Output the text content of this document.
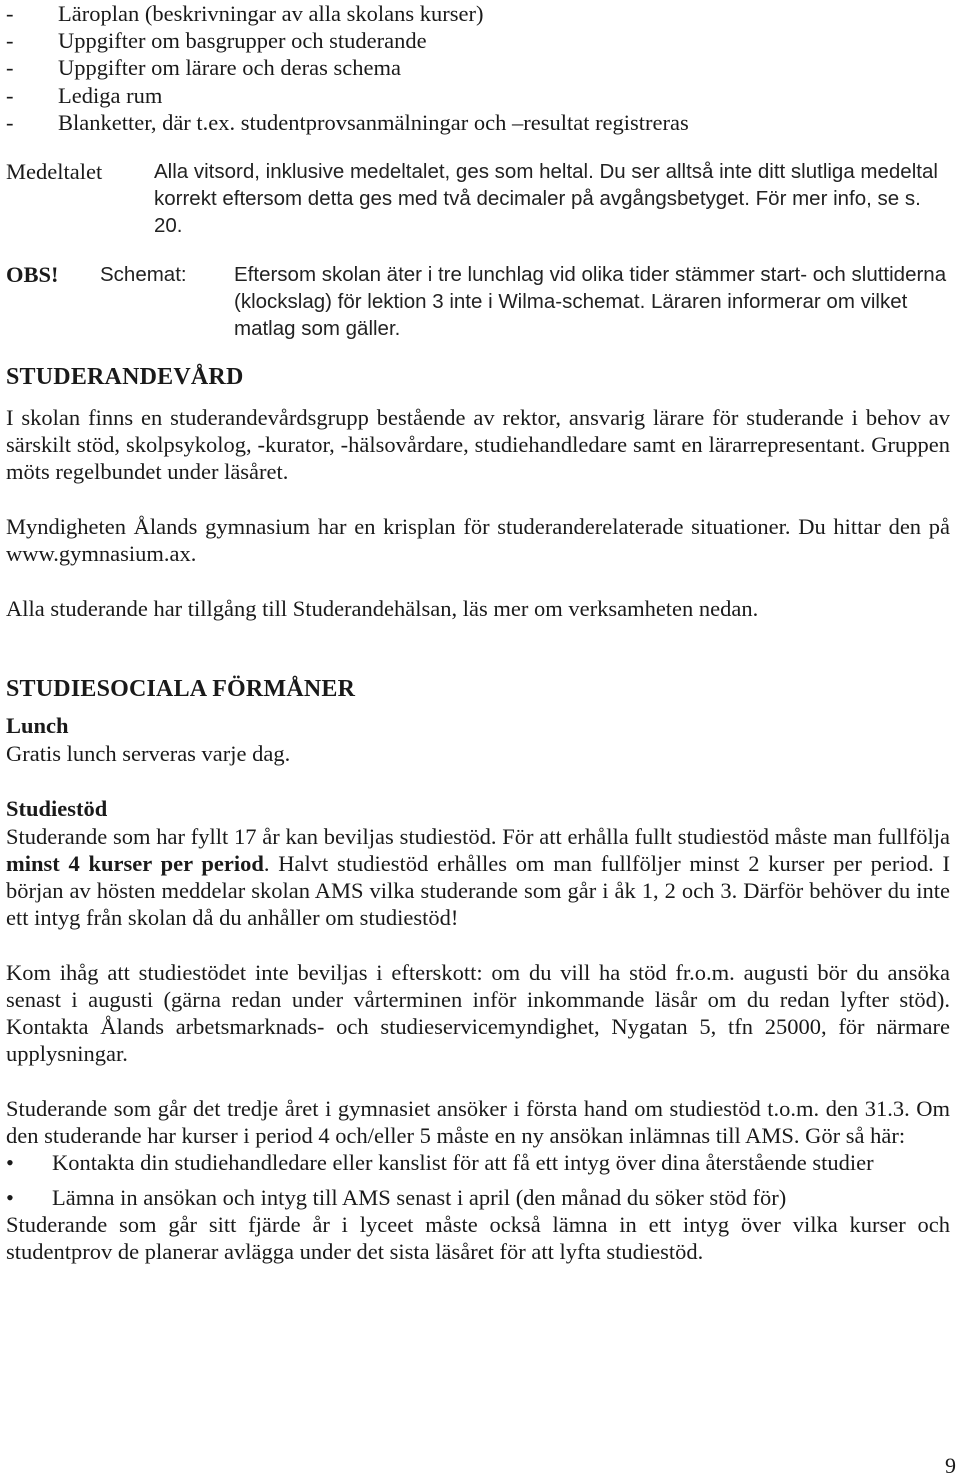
-	Läroplan (beskrivningar av alla skolans kurser)
-	Uppgifter om basgrupper och studerande
-	Uppgifter om lärare och deras schema
-	Lediga rum
-	Blanketter, där t.ex. studentprovsanmälningar och –resultat registreras
Medeltalet	Alla vitsord, inklusive medeltalet, ges som heltal. Du ser alltså inte ditt slutliga medeltal korrekt eftersom detta ges med två decimaler på avgångsbetyget. För mer info, se s. 20.
OBS!	Schemat:	Eftersom skolan äter i tre lunchlag vid olika tider stämmer start- och sluttiderna (klockslag) för lektion 3 inte i Wilma-schemat. Läraren informerar om vilket matlag som gäller.
STUDERANDEVÅRD

I skolan finns en studerandevårdsgrupp bestående av rektor, ansvarig lärare för studerande i behov av särskilt stöd, skolpsykolog, -kurator, -hälsovårdare, studiehandledare samt en lärarrepresentant. Gruppen möts regelbundet under läsåret.

Myndigheten Ålands gymnasium har en krisplan för studeranderelaterade situationer. Du hittar den på www.gymnasium.ax.

Alla studerande har tillgång till Studerandehälsan, läs mer om verksamheten nedan.

STUDIESOCIALA FÖRMÅNER
Lunch

Gratis lunch serveras varje dag.

Studiestöd

Studerande som har fyllt 17 år kan beviljas studiestöd. För att erhålla fullt studiestöd måste man fullfölja minst 4 kurser per period. Halvt studiestöd erhålles om man fullföljer minst 2 kurser per period. I början av hösten meddelar skolan AMS vilka studerande som går i åk 1, 2 och 3. Därför behöver du inte ett intyg från skolan då du anhåller om studiestöd!

Kom ihåg att studiestödet inte beviljas i efterskott: om du vill ha stöd fr.o.m. augusti bör du ansöka senast i augusti (gärna redan under vårterminen inför inkommande läsår om du redan lyfter stöd). Kontakta Ålands arbetsmarknads- och studieservicemyndighet, Nygatan 5, tfn 25000, för närmare upplysningar.

Studerande som går det tredje året i gymnasiet ansöker i första hand om studiestöd t.o.m. den 31.3. Om den studerande har kurser i period 4 och/eller 5 måste en ny ansökan inlämnas till AMS. Gör så här:

•	Kontakta din studiehandledare eller kanslist för att få ett intyg över dina återstående studier
•	Lämna in ansökan och intyg till AMS senast i april (den månad du söker stöd för)

Studerande som går sitt fjärde år i lyceet måste också lämna in ett intyg över vilka kurser och studentprov de planerar avlägga under det sista läsåret för att lyfta studiestöd.

9
